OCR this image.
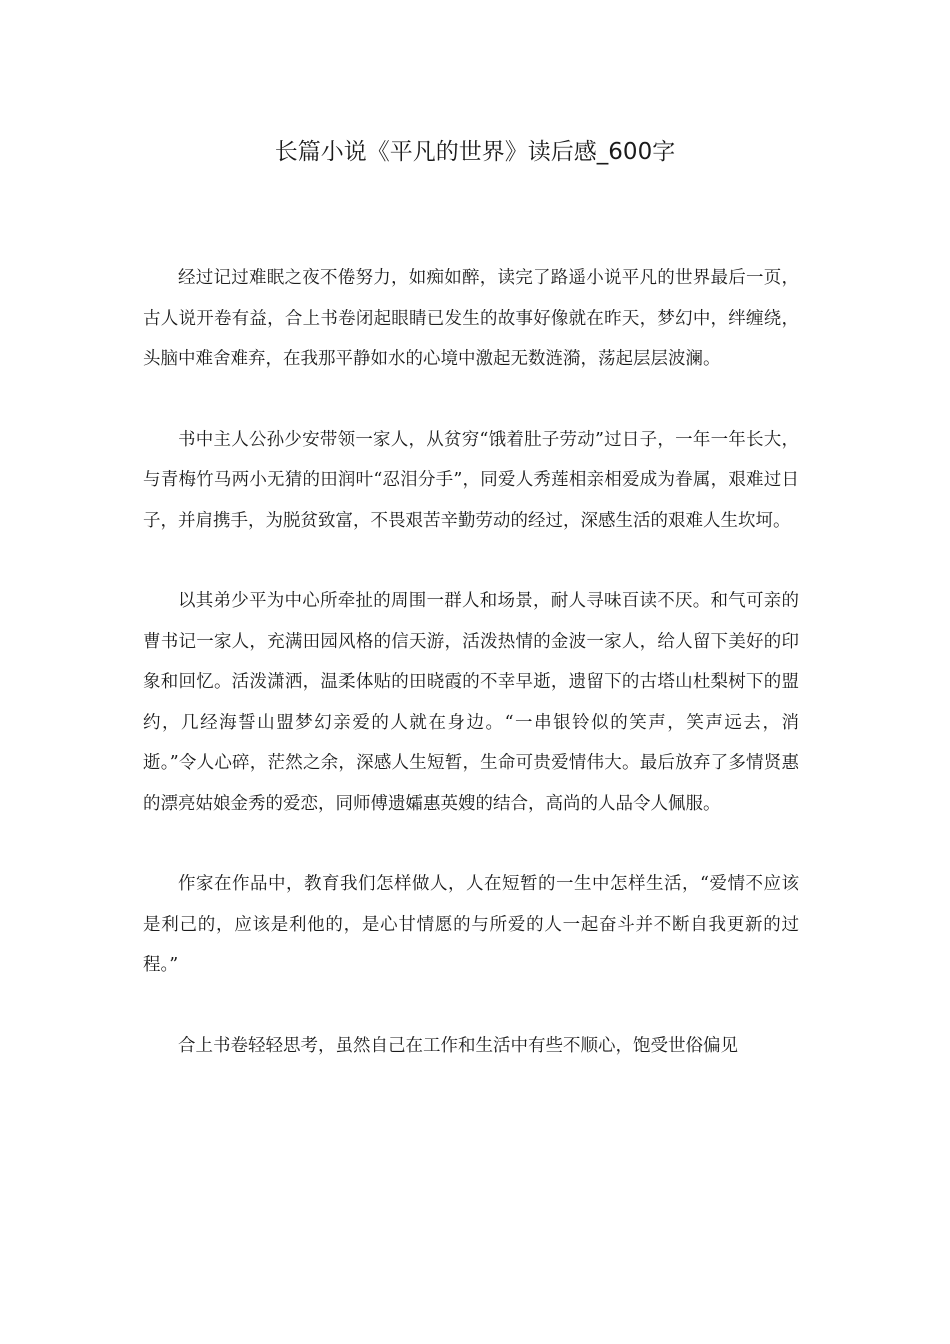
长篇小说《平凡的世界》读后感_600字

经过记过难眠之夜不倦努力，如痴如醉，读完了路遥小说平凡的世界最后一页，古人说开卷有益，合上书卷闭起眼睛已发生的故事好像就在昨天，梦幻中，绊缠绕，头脑中难舍难弃，在我那平静如水的心境中激起无数涟漪，荡起层层波澜。

书中主人公孙少安带领一家人，从贫穷“饿着肚子劳动”过日子，一年一年长大，与青梅竹马两小无猜的田润叶“忍泪分手”，同爱人秀莲相亲相爱成为眷属，艰难过日子，并肩携手，为脱贫致富，不畏艰苦辛勤劳动的经过，深感生活的艰难人生坎坷。

以其弟少平为中心所牵扯的周围一群人和场景，耐人寻味百读不厌。和气可亲的曹书记一家人，充满田园风格的信天游，活泼热情的金波一家人，给人留下美好的印象和回忆。活泼潇洒，温柔体贴的田晓霞的不幸早逝，遗留下的古塔山杜梨树下的盟约，几经海誓山盟梦幻亲爱的人就在身边。“一串银铃似的笑声，笑声远去，消逝。”令人心碎，茫然之余，深感人生短暂，生命可贵爱情伟大。最后放弃了多情贤惠的漂亮姑娘金秀的爱恋，同师傅遗孀惠英嫂的结合，高尚的人品令人佩服。

作家在作品中，教育我们怎样做人，人在短暂的一生中怎样生活，“爱情不应该是利己的，应该是利他的，是心甘情愿的与所爱的人一起奋斗并不断自我更新的过程。”

合上书卷轻轻思考，虽然自己在工作和生活中有些不顺心，饱受世俗偏见
